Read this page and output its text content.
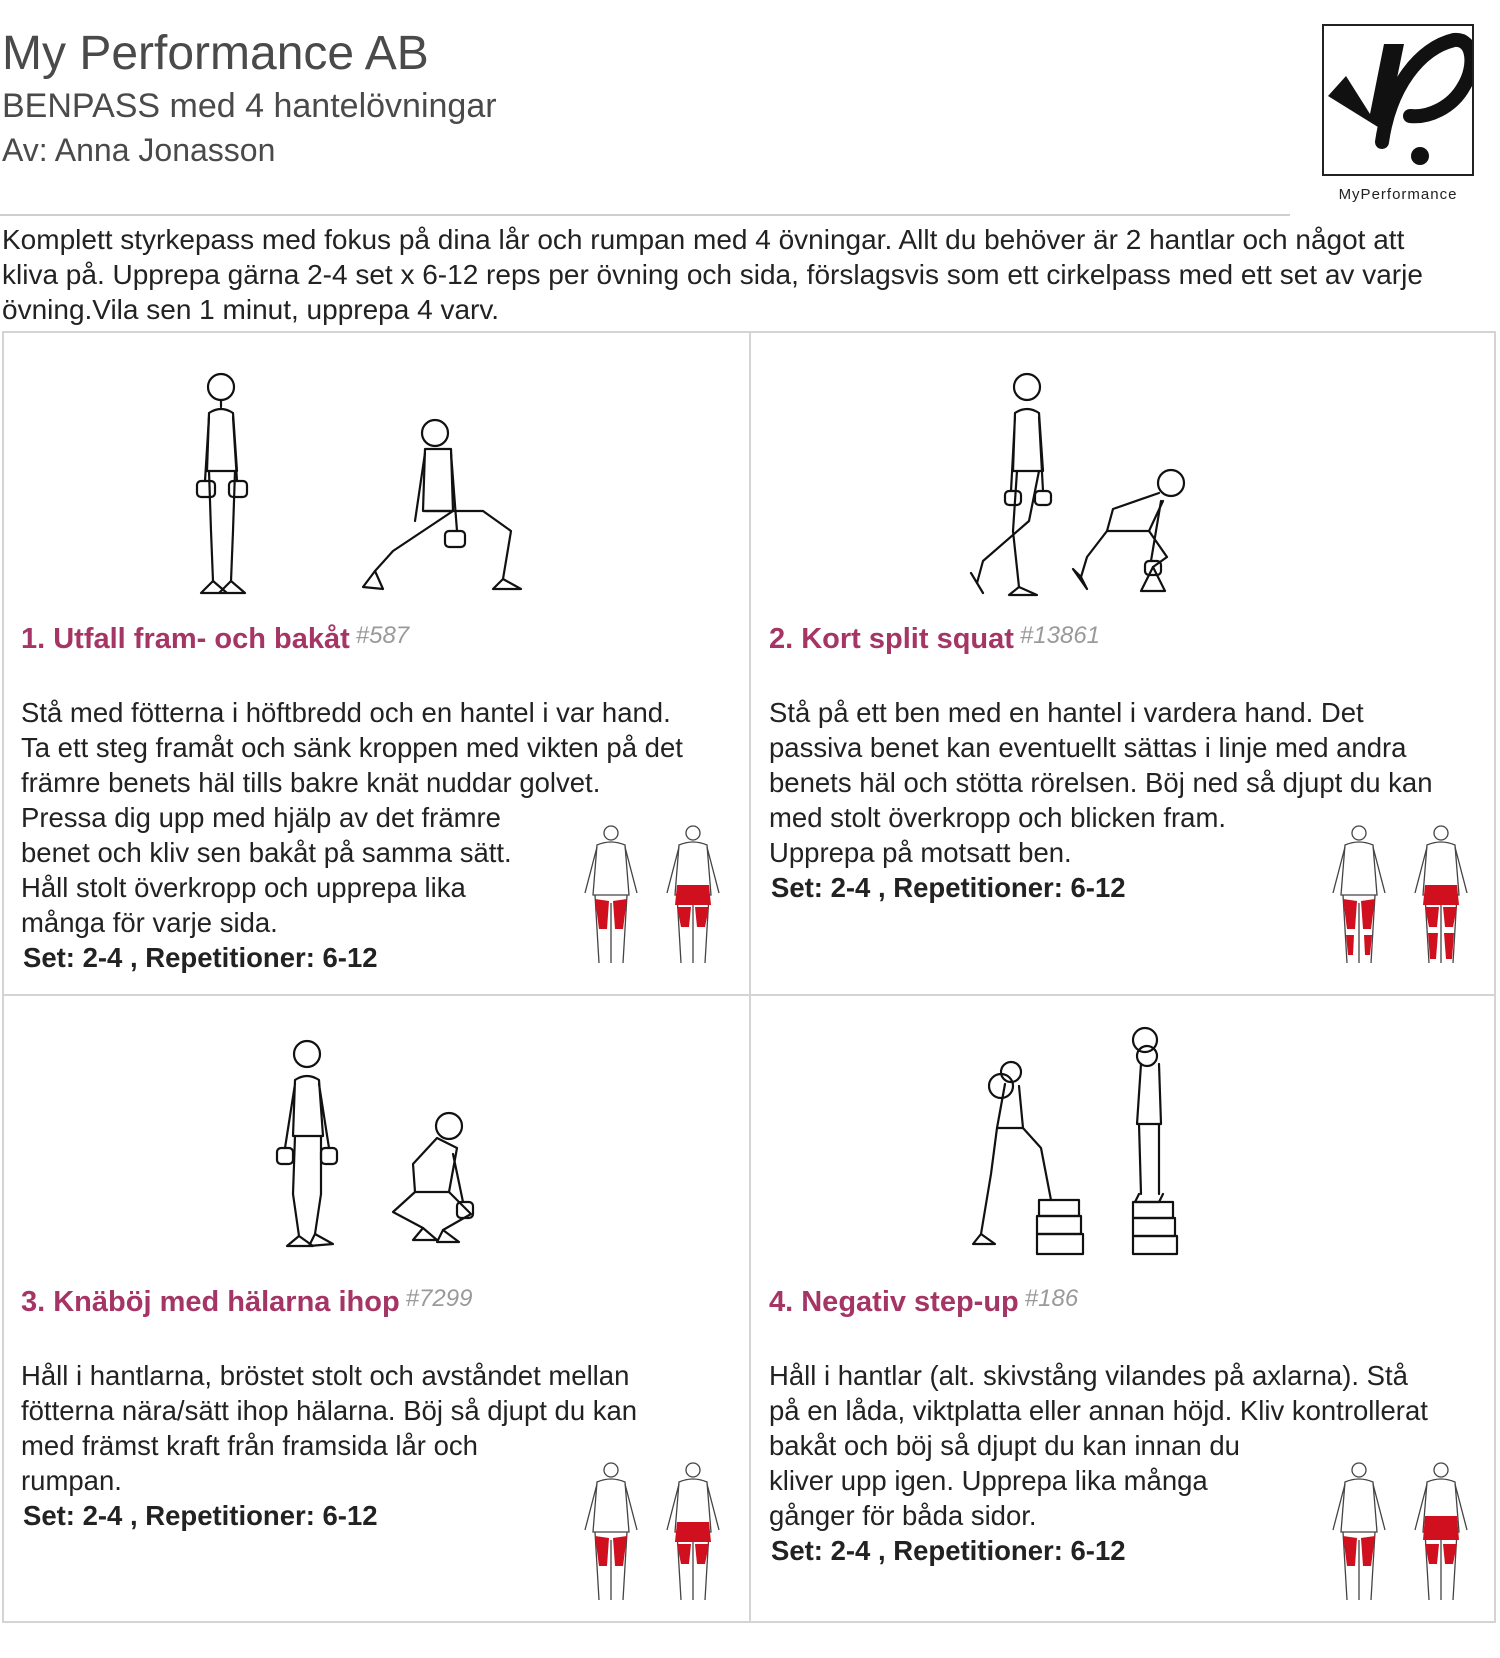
My Performance AB
BENPASS med 4 hantelövningar
Av: Anna Jonasson
MyPerformance
Komplett styrkepass med fokus på dina lår och rumpan med 4 övningar. Allt du behöver är 2 hantlar och något att
kliva på. Upprepa gärna 2-4 set x 6-12 reps per övning och sida, förslagsvis som ett cirkelpass med ett set av varje
övning.Vila sen 1 minut, upprepa 4 varv.
1. Utfall fram- och bakåt #587
Stå med fötterna i höftbredd och en hantel i var hand.
Ta ett steg framåt och sänk kroppen med vikten på det
främre benets häl tills bakre knät nuddar golvet.
Pressa dig upp med hjälp av det främre
benet och kliv sen bakåt på samma sätt.
Håll stolt överkropp och upprepa lika
många för varje sida.
Set: 2-4 , Repetitioner: 6-12
2. Kort split squat #13861
Stå på ett ben med en hantel i vardera hand. Det
passiva benet kan eventuellt sättas i linje med andra
benets häl och stötta rörelsen. Böj ned så djupt du kan
med stolt överkropp och blicken fram.
Upprepa på motsatt ben.
Set: 2-4 , Repetitioner: 6-12
3. Knäböj med hälarna ihop #7299
Håll i hantlarna, bröstet stolt och avståndet mellan
fötterna nära/sätt ihop hälarna. Böj så djupt du kan
med främst kraft från framsida lår och
rumpan.
Set: 2-4 , Repetitioner: 6-12
4. Negativ step-up #186
Håll i hantlar (alt. skivstång vilandes på axlarna). Stå
på en låda, viktplatta eller annan höjd. Kliv kontrollerat
bakåt och böj så djupt du kan innan du
kliver upp igen. Upprepa lika många
gånger för båda sidor.
Set: 2-4 , Repetitioner: 6-12
